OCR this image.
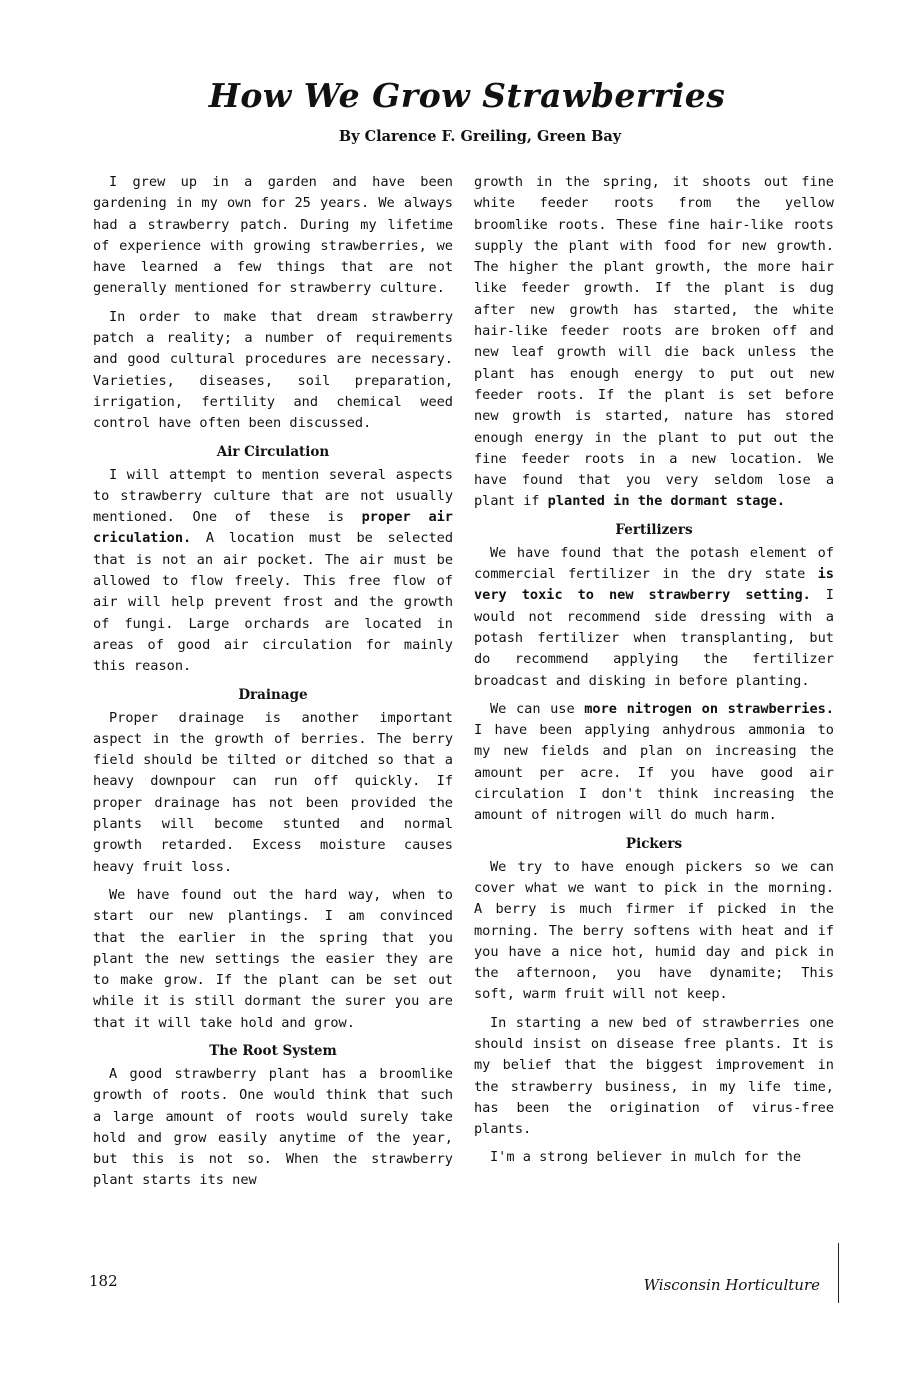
How We Grow Strawberries

By Clarence F. Greiling, Green Bay

I grew up in a garden and have been gardening in my own for 25 years. We always had a strawberry patch. During my lifetime of experience with growing strawberries, we have learned a few things that are not generally mentioned for strawberry culture.

In order to make that dream strawberry patch a reality; a number of requirements and good cultural procedures are necessary. Varieties, diseases, soil preparation, irrigation, fertility and chemical weed control have often been discussed.

Air Circulation

I will attempt to mention several aspects to strawberry culture that are not usually mentioned. One of these is proper air criculation. A location must be selected that is not an air pocket. The air must be allowed to flow freely. This free flow of air will help prevent frost and the growth of fungi. Large orchards are located in areas of good air circulation for mainly this reason.

Drainage

Proper drainage is another important aspect in the growth of berries. The berry field should be tilted or ditched so that a heavy downpour can run off quickly. If proper drainage has not been provided the plants will become stunted and normal growth retarded. Excess moisture causes heavy fruit loss.

We have found out the hard way, when to start our new plantings. I am convinced that the earlier in the spring that you plant the new settings the easier they are to make grow. If the plant can be set out while it is still dormant the surer you are that it will take hold and grow.

The Root System

A good strawberry plant has a broomlike growth of roots. One would think that such a large amount of roots would surely take hold and grow easily anytime of the year, but this is not so. When the strawberry plant starts its new

growth in the spring, it shoots out fine white feeder roots from the yellow broomlike roots. These fine hair-like roots supply the plant with food for new growth. The higher the plant growth, the more hair like feeder growth. If the plant is dug after new growth has started, the white hair-like feeder roots are broken off and new leaf growth will die back unless the plant has enough energy to put out new feeder roots. If the plant is set before new growth is started, nature has stored enough energy in the plant to put out the fine feeder roots in a new location. We have found that you very seldom lose a plant if planted in the dormant stage.

Fertilizers

We have found that the potash element of commercial fertilizer in the dry state is very toxic to new strawberry setting. I would not recommend side dressing with a potash fertilizer when transplanting, but do recommend applying the fertilizer broadcast and disking in before planting.

We can use more nitrogen on strawberries. I have been applying anhydrous ammonia to my new fields and plan on increasing the amount per acre. If you have good air circulation I don't think increasing the amount of nitrogen will do much harm.

Pickers

We try to have enough pickers so we can cover what we want to pick in the morning. A berry is much firmer if picked in the morning. The berry softens with heat and if you have a nice hot, humid day and pick in the afternoon, you have dynamite; This soft, warm fruit will not keep.

In starting a new bed of strawberries one should insist on disease free plants. It is my belief that the biggest improvement in the strawberry business, in my life time, has been the origination of virus-free plants.

I'm a strong believer in mulch for the

182	Wisconsin Horticulture
